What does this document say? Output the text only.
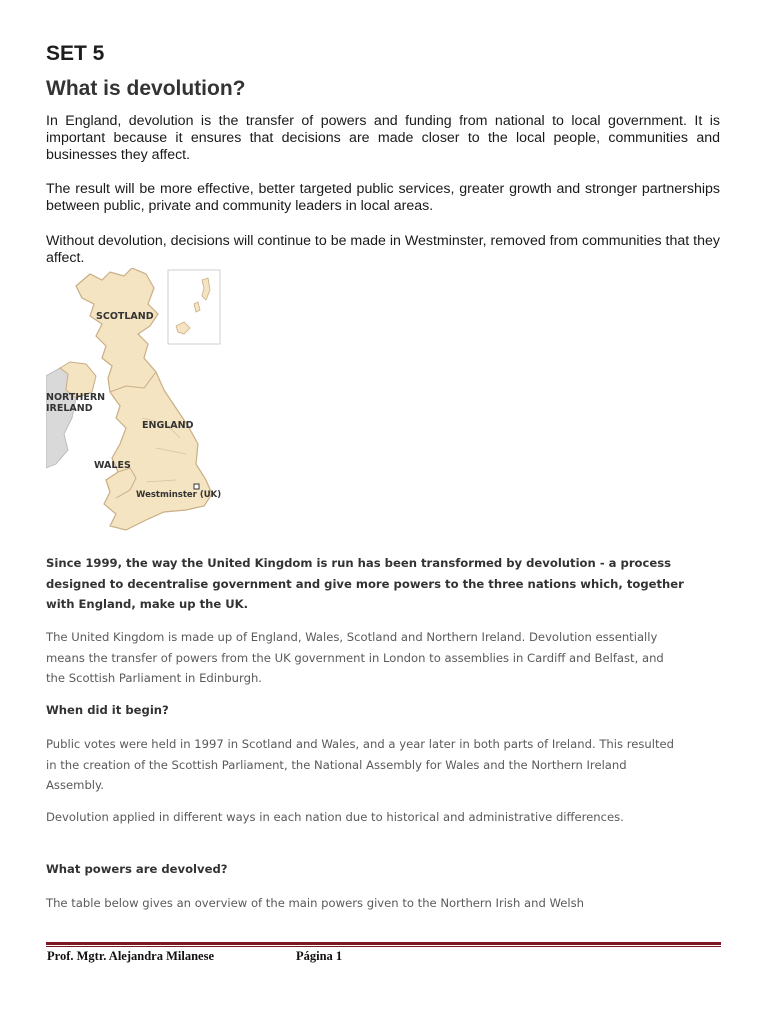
SET 5
What is devolution?
In England, devolution is the transfer of powers and funding from national to local government. It is important because it ensures that decisions are made closer to the local people, communities and businesses they affect.
The result will be more effective, better targeted public services, greater growth and stronger partnerships between public, private and community leaders in local areas.
Without devolution, decisions will continue to be made in Westminster, removed from communities that they affect.
SCOTLAND
NORTHERN
IRELAND
ENGLAND
WALES
Westminster (UK)
Since 1999, the way the United Kingdom is run has been transformed by devolution - a process designed to decentralise government and give more powers to the three nations which, together with England, make up the UK.
The United Kingdom is made up of England, Wales, Scotland and Northern Ireland. Devolution essentially means the transfer of powers from the UK government in London to assemblies in Cardiff and Belfast, and the Scottish Parliament in Edinburgh.
When did it begin?
Public votes were held in 1997 in Scotland and Wales, and a year later in both parts of Ireland. This resulted in the creation of the Scottish Parliament, the National Assembly for Wales and the Northern Ireland Assembly.
Devolution applied in different ways in each nation due to historical and administrative differences.
What powers are devolved?
The table below gives an overview of the main powers given to the Northern Irish and Welsh
Prof. Mgtr. Alejandra Milanese	Página 1
